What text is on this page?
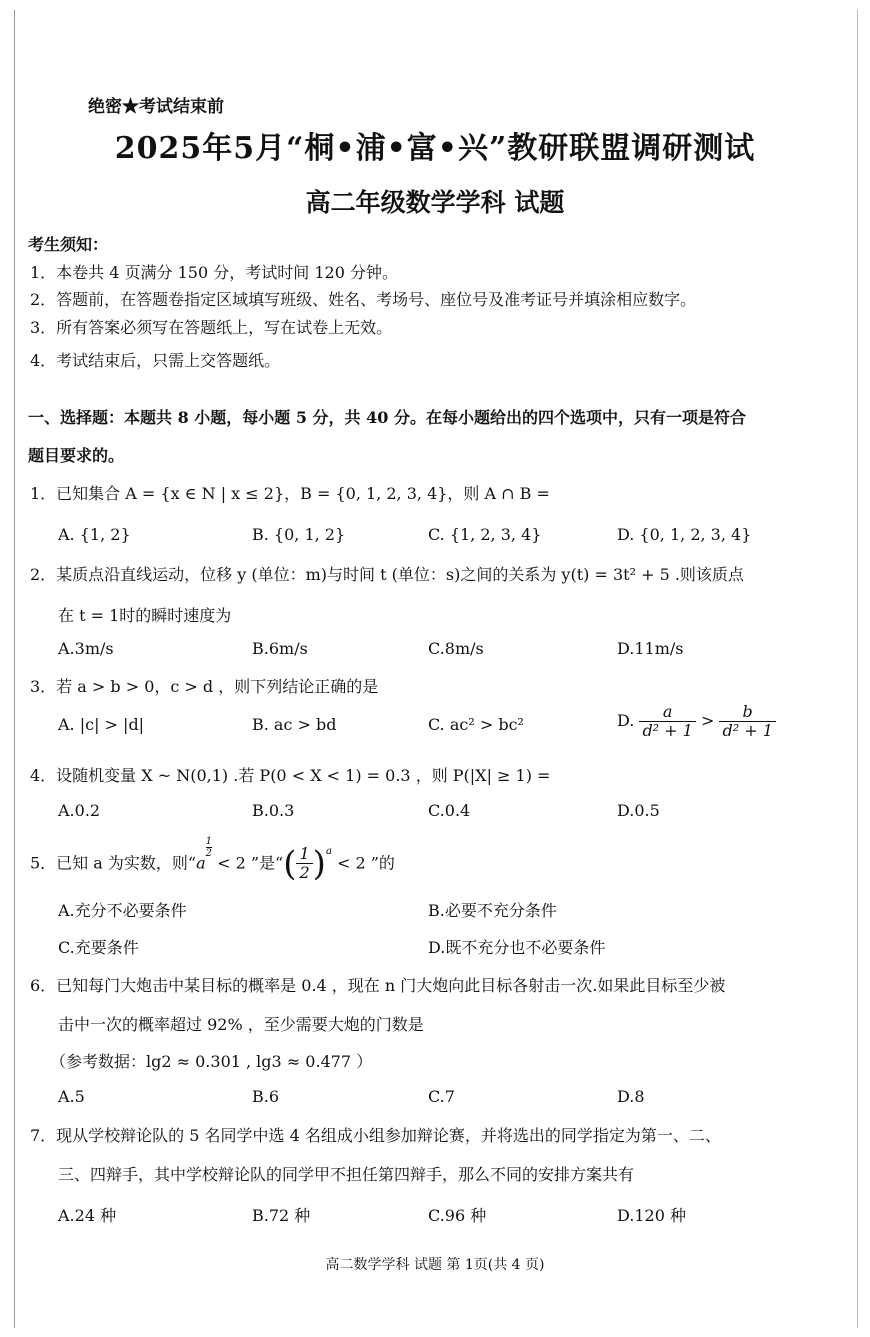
绝密★考试结束前
2025年5月“桐•浦•富•兴”教研联盟调研测试
高二年级数学学科 试题
考生须知：
1．本卷共 4 页满分 150 分，考试时间 120 分钟。
2．答题前，在答题卷指定区域填写班级、姓名、考场号、座位号及准考证号并填涂相应数字。
3．所有答案必须写在答题纸上，写在试卷上无效。
4．考试结束后，只需上交答题纸。
一、选择题：本题共 8 小题，每小题 5 分，共 40 分。在每小题给出的四个选项中，只有一项是符合
题目要求的。
1．已知集合 A = {x ∈ N | x ≤ 2}，B = {0, 1, 2, 3, 4}，则 A ∩ B =
A. {1, 2}	B. {0, 1, 2}	C. {1, 2, 3, 4}	D. {0, 1, 2, 3, 4}
2．某质点沿直线运动，位移 y (单位：m)与时间 t (单位：s)之间的关系为 y(t) = 3t² + 5 .则该质点
在 t = 1时的瞬时速度为
A.3m/s	B.6m/s	C.8m/s	D.11m/s
3．若 a > b > 0，c > d ，则下列结论正确的是
A. |c| > |d|	B. ac > bd	C. ac² > bc²	D. $\frac{a}{\text{d² + 1}} > \frac{b}{\text{d² + 1}}$
4．设随机变量 X ~ N(0,1) .若 P(0 < X < 1) = 0.3 ，则 P(|X| ≥ 1) =
A.0.2	B.0.3	C.0.4	D.0.5
5．已知 a 为实数，则“a
$\frac{1}{2}$
< 2 ”是“( $\frac{1}{2} )^a < 2$ ”的
A.充分不必要条件	B.必要不充分条件
C.充要条件	D.既不充分也不必要条件
6．已知每门大炮击中某目标的概率是 0.4 ，现在 n 门大炮向此目标各射击一次.如果此目标至少被
击中一次的概率超过 92% ，至少需要大炮的门数是
（参考数据：lg2 ≈ 0.301 , lg3 ≈ 0.477 ）
A.5	B.6	C.7	D.8
7．现从学校辩论队的 5 名同学中选 4 名组成小组参加辩论赛，并将选出的同学指定为第一、二、
三、四辩手，其中学校辩论队的同学甲不担任第四辩手，那么不同的安排方案共有
A.24 种	B.72 种	C.96 种	D.120 种
高二数学学科 试题 第 1页(共 4 页)
